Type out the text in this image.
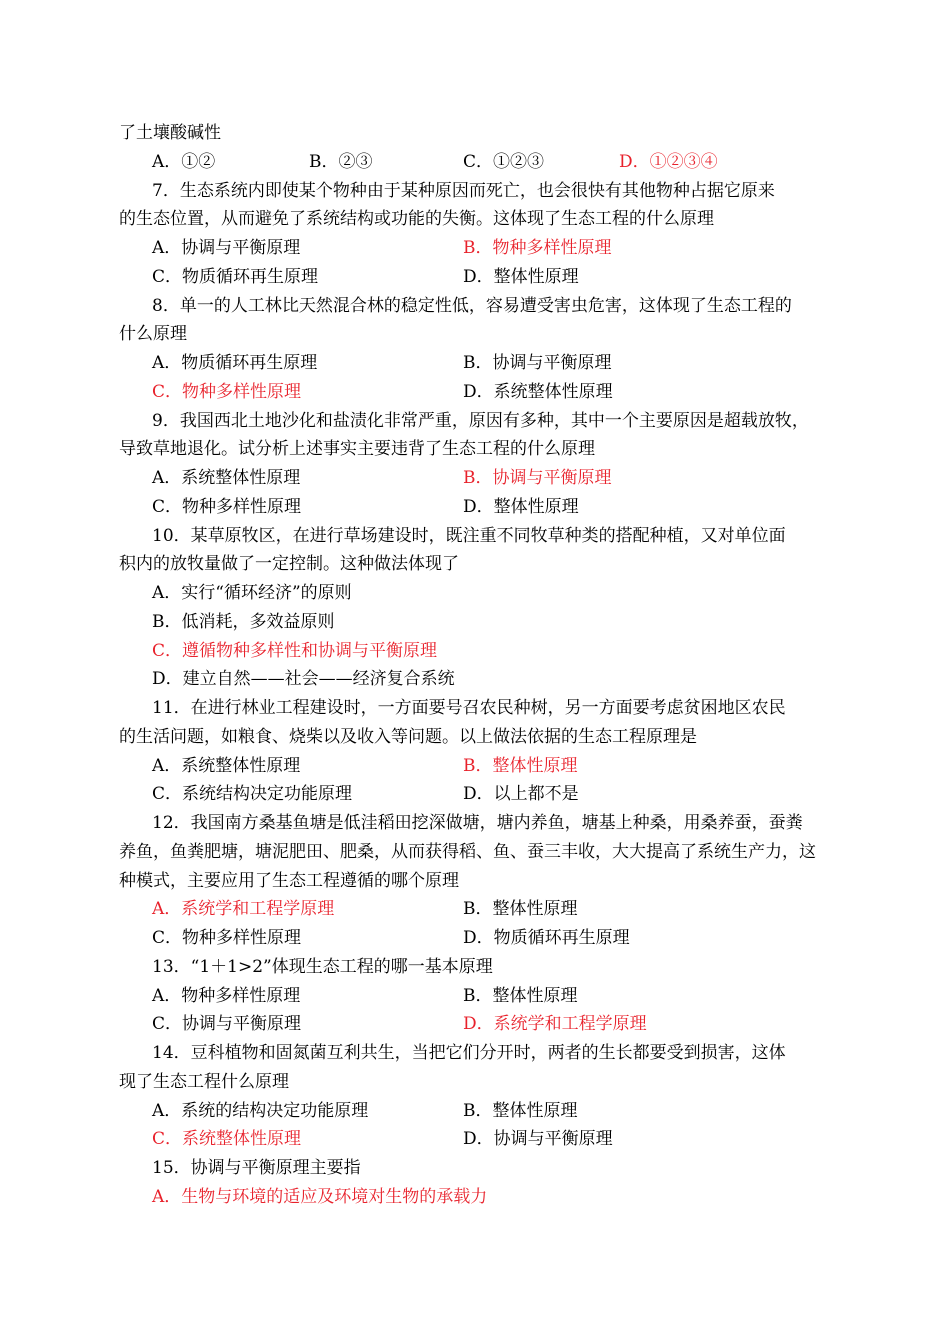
了土壤酸碱性
A．①②	B．②③	C．①②③	D．①②③④
7．生态系统内即使某个物种由于某种原因而死亡，也会很快有其他物种占据它原来
的生态位置，从而避免了系统结构或功能的失衡。这体现了生态工程的什么原理
A．协调与平衡原理	B．物种多样性原理
C．物质循环再生原理	D．整体性原理
8．单一的人工林比天然混合林的稳定性低，容易遭受害虫危害，这体现了生态工程的
什么原理
A．物质循环再生原理	B．协调与平衡原理
C．物种多样性原理	D．系统整体性原理
9．我国西北土地沙化和盐渍化非常严重，原因有多种，其中一个主要原因是超载放牧，
导致草地退化。试分析上述事实主要违背了生态工程的什么原理
A．系统整体性原理	B．协调与平衡原理
C．物种多样性原理	D．整体性原理
10．某草原牧区，在进行草场建设时，既注重不同牧草种类的搭配种植，又对单位面
积内的放牧量做了一定控制。这种做法体现了
A．实行“循环经济”的原则
B．低消耗，多效益原则
C．遵循物种多样性和协调与平衡原理
D．建立自然——社会——经济复合系统
11．在进行林业工程建设时，一方面要号召农民种树，另一方面要考虑贫困地区农民
的生活问题，如粮食、烧柴以及收入等问题。以上做法依据的生态工程原理是
A．系统整体性原理	B．整体性原理
C．系统结构决定功能原理	D．以上都不是
12．我国南方桑基鱼塘是低洼稻田挖深做塘，塘内养鱼，塘基上种桑，用桑养蚕，蚕粪
养鱼，鱼粪肥塘，塘泥肥田、肥桑，从而获得稻、鱼、蚕三丰收，大大提高了系统生产力，这
种模式，主要应用了生态工程遵循的哪个原理
A．系统学和工程学原理	B．整体性原理
C．物种多样性原理	D．物质循环再生原理
13．“1＋1>2”体现生态工程的哪一基本原理
A．物种多样性原理	B．整体性原理
C．协调与平衡原理	D．系统学和工程学原理
14．豆科植物和固氮菌互利共生，当把它们分开时，两者的生长都要受到损害，这体
现了生态工程什么原理
A．系统的结构决定功能原理	B．整体性原理
C．系统整体性原理	D．协调与平衡原理
15．协调与平衡原理主要指
A．生物与环境的适应及环境对生物的承载力
